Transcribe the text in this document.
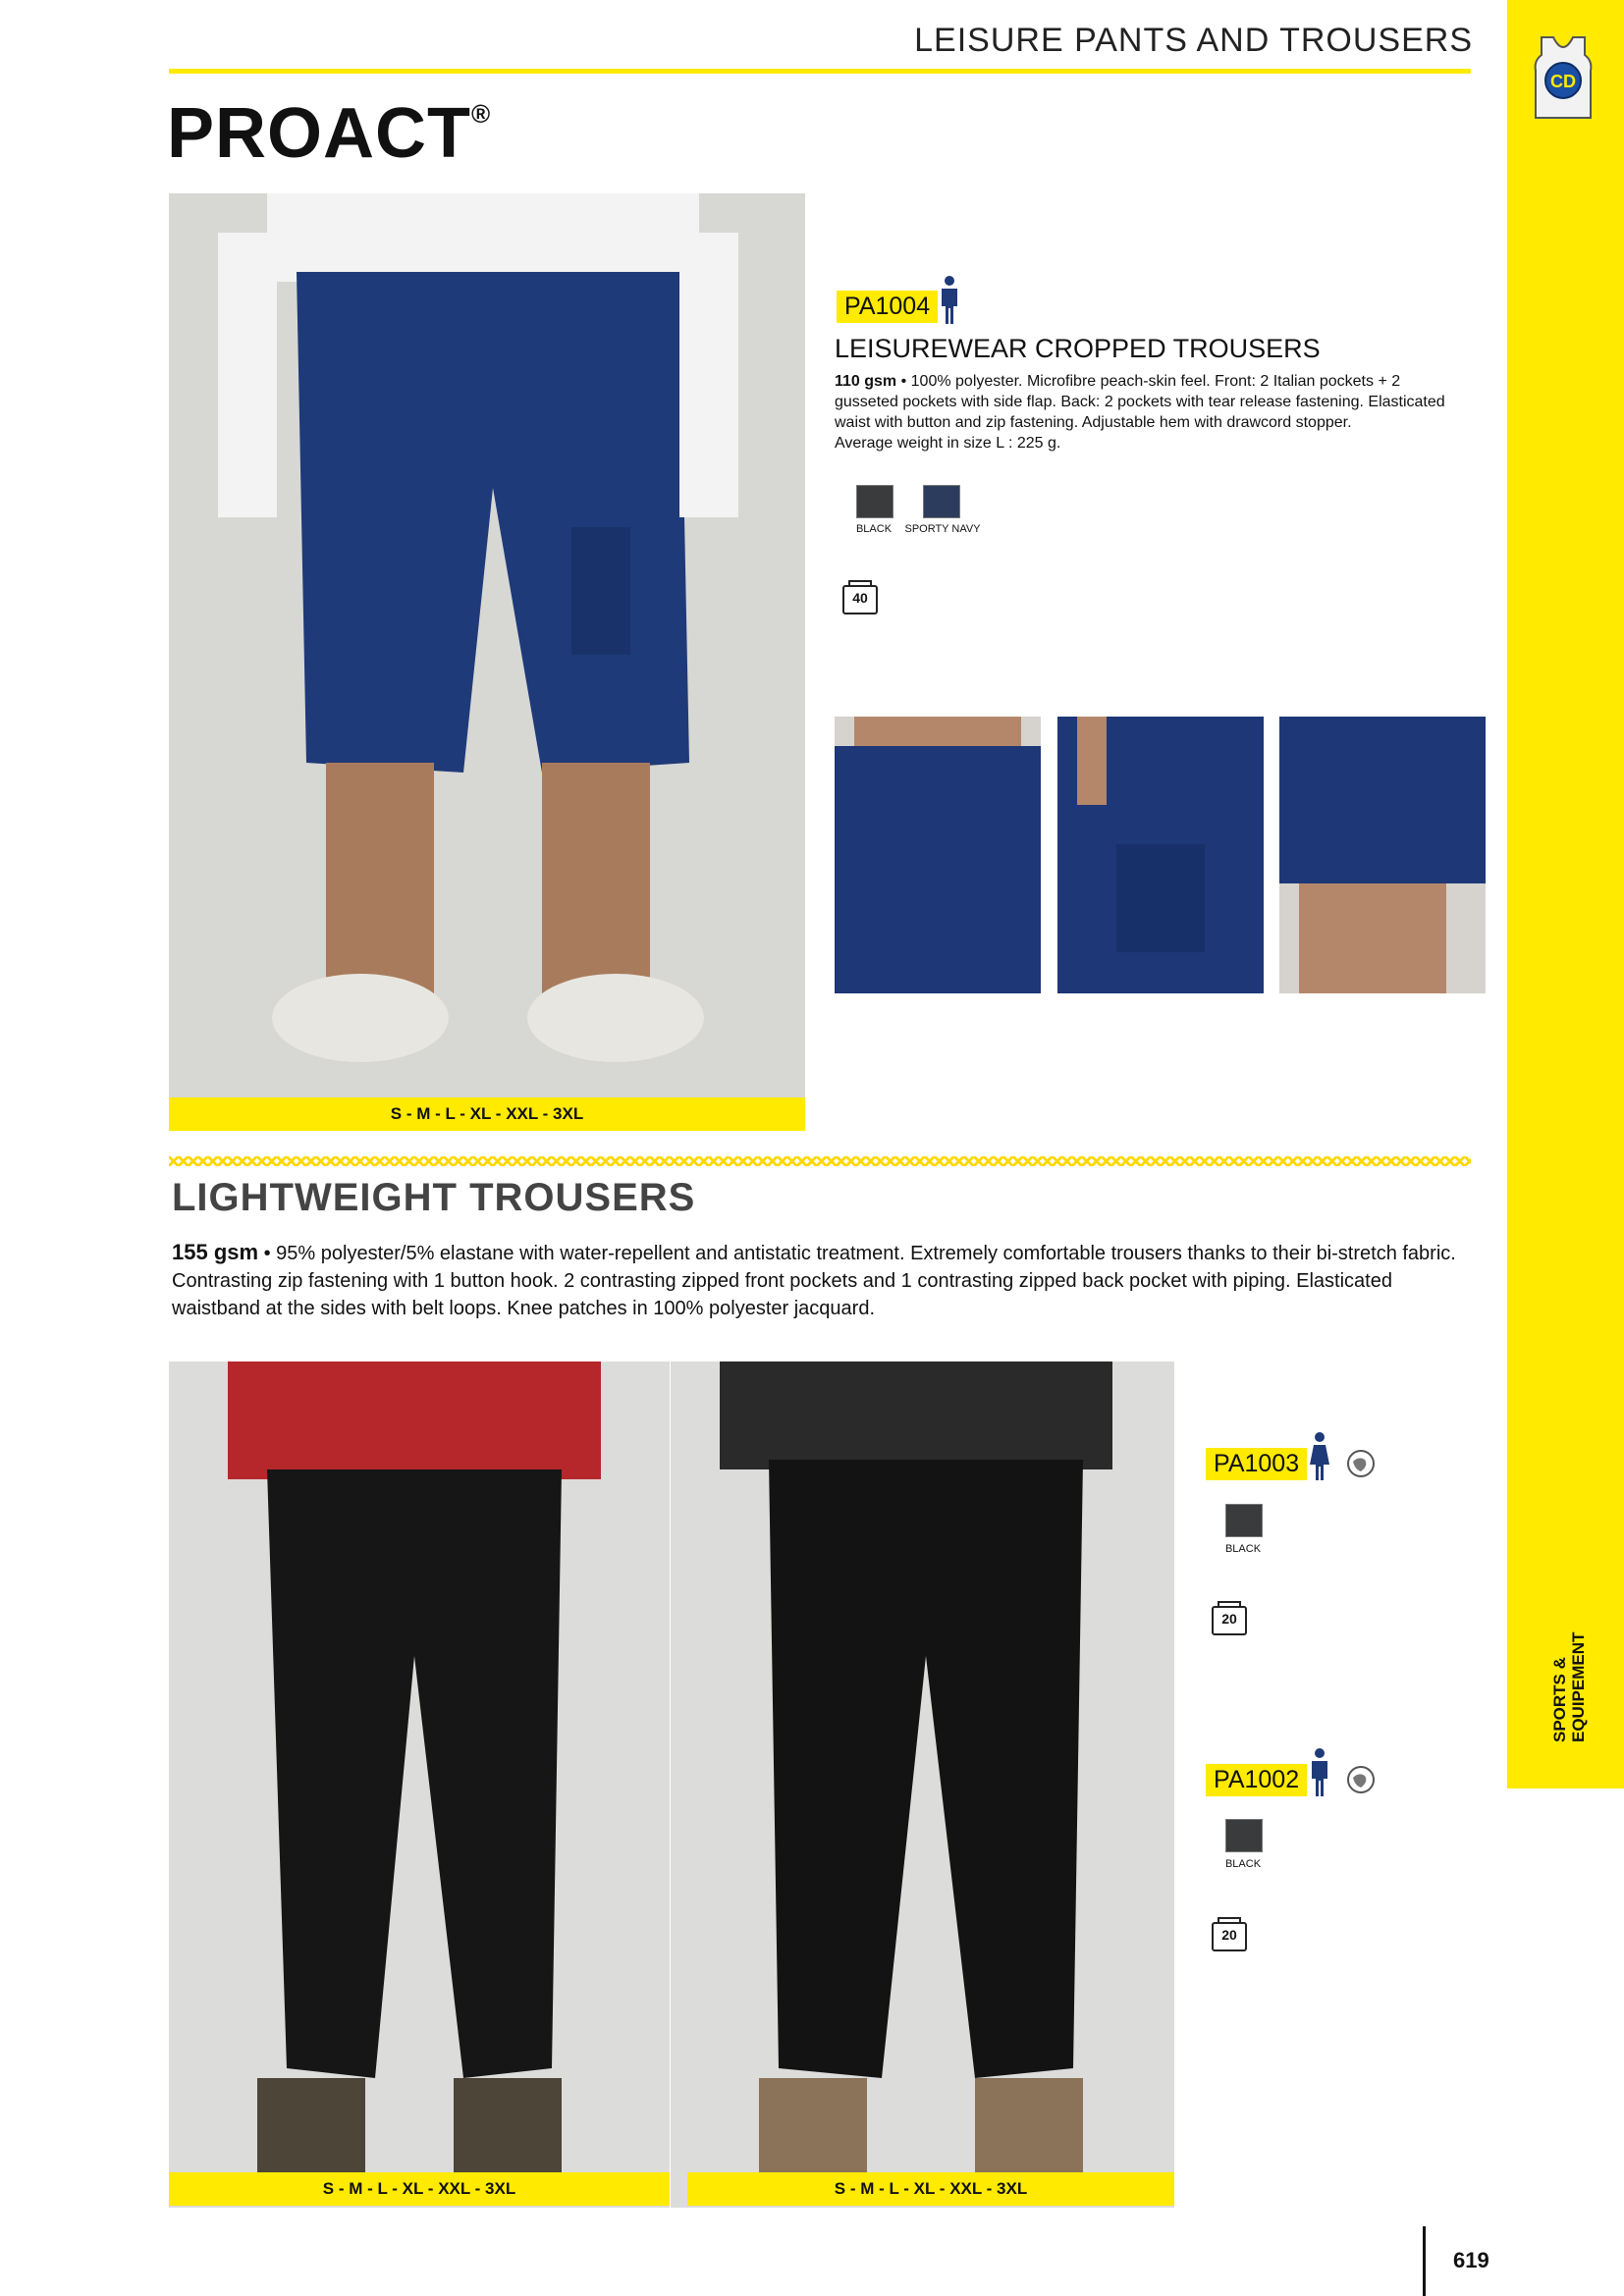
CD
SPORTS & EQUIPEMENT
LEISURE PANTS AND TROUSERS
PROACT®
S - M - L - XL - XXL - 3XL
PA1004
LEISUREWEAR CROPPED TROUSERS
110 gsm • 100% polyester. Microfibre peach-skin feel. Front: 2 Italian pockets + 2 gusseted pockets with side flap. Back: 2 pockets with tear release fastening. Elasticated waist with button and zip fastening. Adjustable hem with drawcord stopper.
Average weight in size L : 225 g.
BLACK	SPORTY NAVY
40
LIGHTWEIGHT TROUSERS
155 gsm • 95% polyester/5% elastane with water-repellent and antistatic treatment. Extremely comfortable trousers thanks to their bi-stretch fabric. Contrasting zip fastening with 1 button hook. 2 contrasting zipped front pockets and 1 contrasting zipped back pocket with piping. Elasticated waistband at the sides with belt loops. Knee patches in 100% polyester jacquard.
S - M - L - XL - XXL - 3XL	S - M - L - XL - XXL - 3XL
PA1003
BLACK
20
PA1002
BLACK
20
619
